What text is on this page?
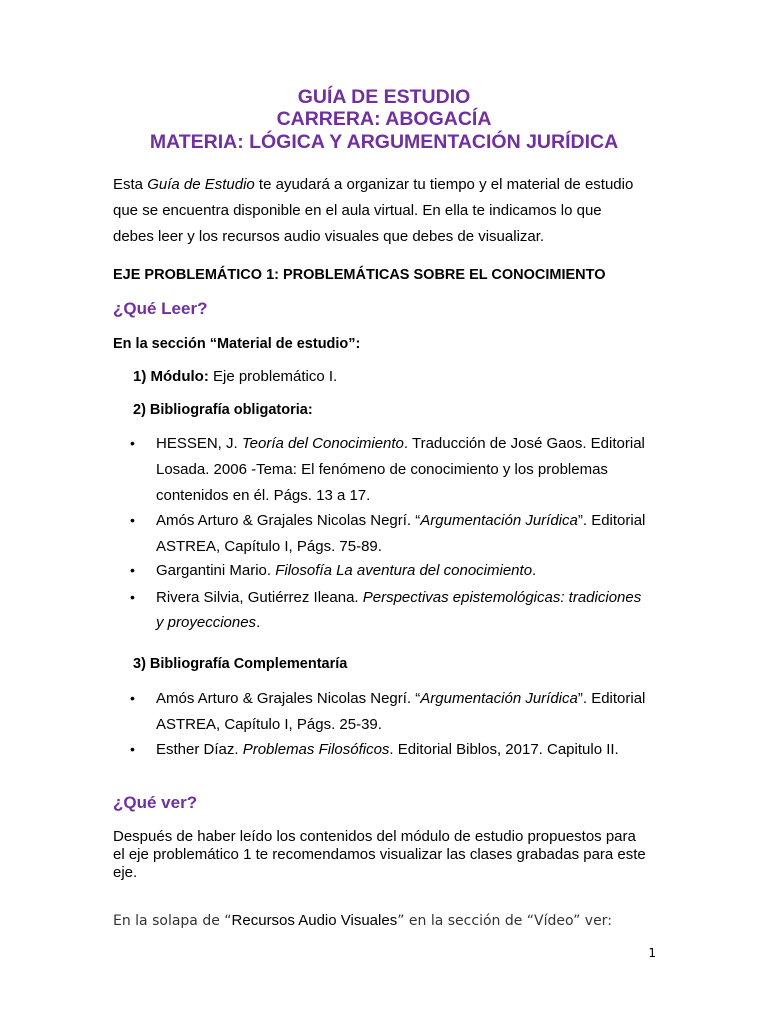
GUÍA DE ESTUDIO
CARRERA: ABOGACÍA
MATERIA: LÓGICA Y ARGUMENTACIÓN JURÍDICA
Esta Guía de Estudio te ayudará a organizar tu tiempo y el material de estudio
que se encuentra disponible en el aula virtual. En ella te indicamos lo que
debes leer y los recursos audio visuales que debes de visualizar.
EJE PROBLEMÁTICO 1: PROBLEMÁTICAS SOBRE EL CONOCIMIENTO
¿Qué Leer?
En la sección “Material de estudio”:
1) Módulo: Eje problemático I.
2) Bibliografía obligatoria:
• HESSEN, J. Teoría del Conocimiento. Traducción de José Gaos. Editorial
Losada. 2006 -Tema: El fenómeno de conocimiento y los problemas
contenidos en él. Págs. 13 a 17.
• Amós Arturo & Grajales Nicolas Negrí. “Argumentación Jurídica”. Editorial
ASTREA, Capítulo I, Págs. 75-89.
• Gargantini Mario. Filosofía La aventura del conocimiento.
• Rivera Silvia, Gutiérrez Ileana. Perspectivas epistemológicas: tradiciones
y proyecciones.
3) Bibliografía Complementaría
• Amós Arturo & Grajales Nicolas Negrí. “Argumentación Jurídica”. Editorial
ASTREA, Capítulo I, Págs. 25-39.
• Esther Díaz. Problemas Filosóficos. Editorial Biblos, 2017. Capitulo II.
¿Qué ver?
Después de haber leído los contenidos del módulo de estudio propuestos para
el eje problemático 1 te recomendamos visualizar las clases grabadas para este
eje.
En la solapa de “Recursos Audio Visuales” en la sección de “Vídeo” ver:
1
